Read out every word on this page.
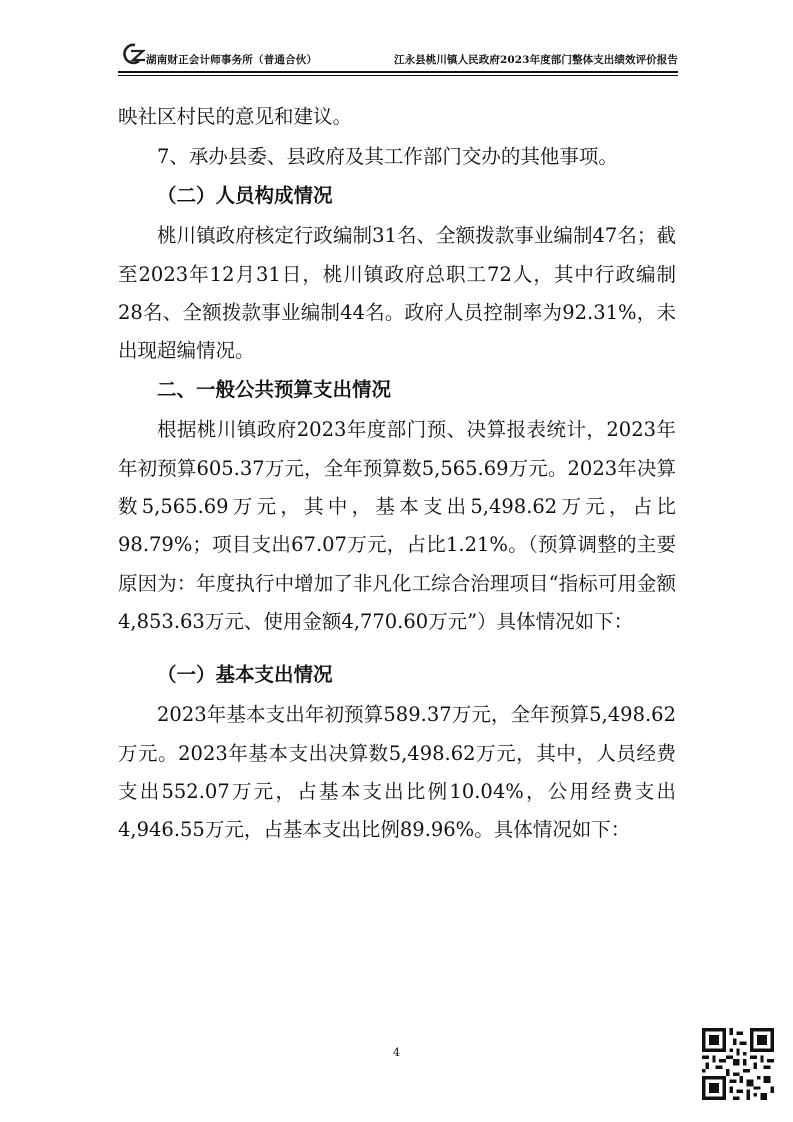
湖南财正会计师事务所（普通合伙）	江永县桃川镇人民政府2023年度部门整体支出绩效评价报告

映社区村民的意见和建议。

7、承办县委、县政府及其工作部门交办的其他事项。

（二）人员构成情况

桃川镇政府核定行政编制31名、全额拨款事业编制47名；截至2023年12月31日，桃川镇政府总职工72人，其中行政编制28名、全额拨款事业编制44名。政府人员控制率为92.31%，未出现超编情况。

二、一般公共预算支出情况

根据桃川镇政府2023年度部门预、决算报表统计，2023年年初预算605.37万元，全年预算数5,565.69万元。2023年决算数5,565.69万元，其中，基本支出5,498.62万元，占比98.79%；项目支出67.07万元，占比1.21%。（预算调整的主要原因为：年度执行中增加了非凡化工综合治理项目“指标可用金额4,853.63万元、使用金额4,770.60万元”）具体情况如下：

（一）基本支出情况

2023年基本支出年初预算589.37万元，全年预算5,498.62万元。2023年基本支出决算数5,498.62万元，其中，人员经费支出552.07万元，占基本支出比例10.04%，公用经费支出4,946.55万元，占基本支出比例89.96%。具体情况如下：

4
